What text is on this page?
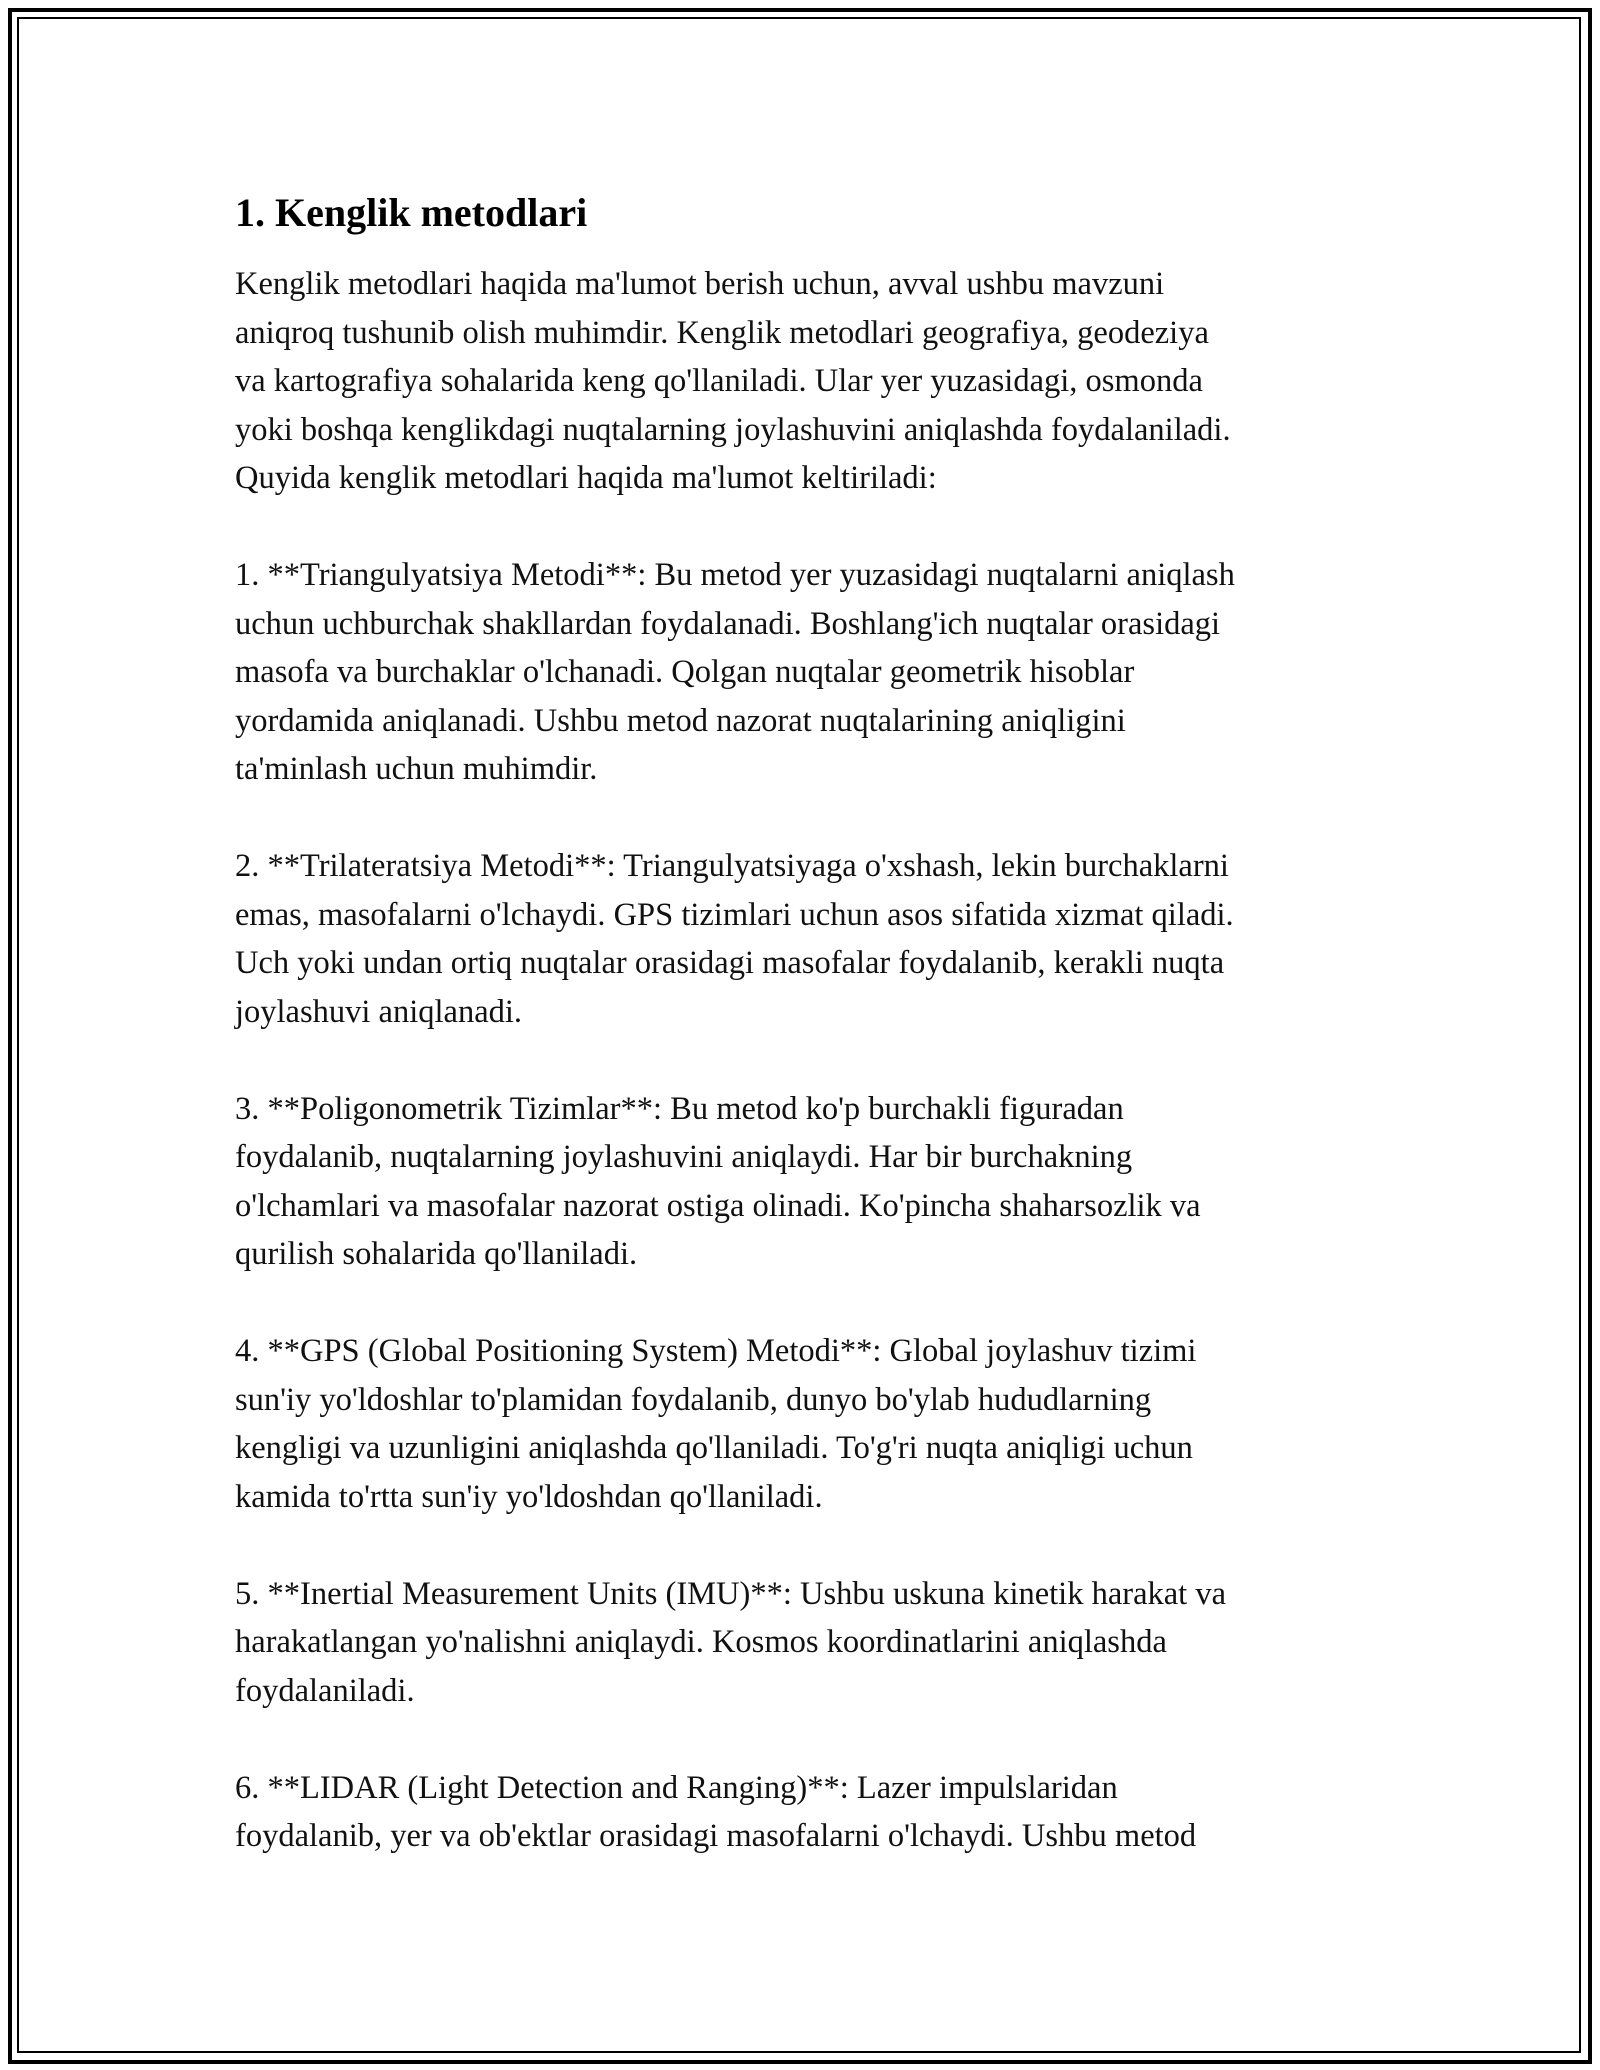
1. Kenglik metodlari

Kenglik metodlari haqida ma'lumot berish uchun, avval ushbu mavzuni
aniqroq tushunib olish muhimdir. Kenglik metodlari geografiya, geodeziya
va kartografiya sohalarida keng qo'llaniladi. Ular yer yuzasidagi, osmonda
yoki boshqa kenglikdagi nuqtalarning joylashuvini aniqlashda foydalaniladi.
Quyida kenglik metodlari haqida ma'lumot keltiriladi:

1. **Triangulyatsiya Metodi**: Bu metod yer yuzasidagi nuqtalarni aniqlash
uchun uchburchak shakllardan foydalanadi. Boshlang'ich nuqtalar orasidagi
masofa va burchaklar o'lchanadi. Qolgan nuqtalar geometrik hisoblar
yordamida aniqlanadi. Ushbu metod nazorat nuqtalarining aniqligini
ta'minlash uchun muhimdir.

2. **Trilateratsiya Metodi**: Triangulyatsiyaga o'xshash, lekin burchaklarni
emas, masofalarni o'lchaydi. GPS tizimlari uchun asos sifatida xizmat qiladi.
Uch yoki undan ortiq nuqtalar orasidagi masofalar foydalanib, kerakli nuqta
joylashuvi aniqlanadi.

3. **Poligonometrik Tizimlar**: Bu metod ko'p burchakli figuradan
foydalanib, nuqtalarning joylashuvini aniqlaydi. Har bir burchakning
o'lchamlari va masofalar nazorat ostiga olinadi. Ko'pincha shaharsozlik va
qurilish sohalarida qo'llaniladi.

4. **GPS (Global Positioning System) Metodi**: Global joylashuv tizimi
sun'iy yo'ldoshlar to'plamidan foydalanib, dunyo bo'ylab hududlarning
kengligi va uzunligini aniqlashda qo'llaniladi. To'g'ri nuqta aniqligi uchun
kamida to'rtta sun'iy yo'ldoshdan qo'llaniladi.

5. **Inertial Measurement Units (IMU)**: Ushbu uskuna kinetik harakat va
harakatlangan yo'nalishni aniqlaydi. Kosmos koordinatlarini aniqlashda
foydalaniladi.

6. **LIDAR (Light Detection and Ranging)**: Lazer impulslaridan
foydalanib, yer va ob'ektlar orasidagi masofalarni o'lchaydi. Ushbu metod
